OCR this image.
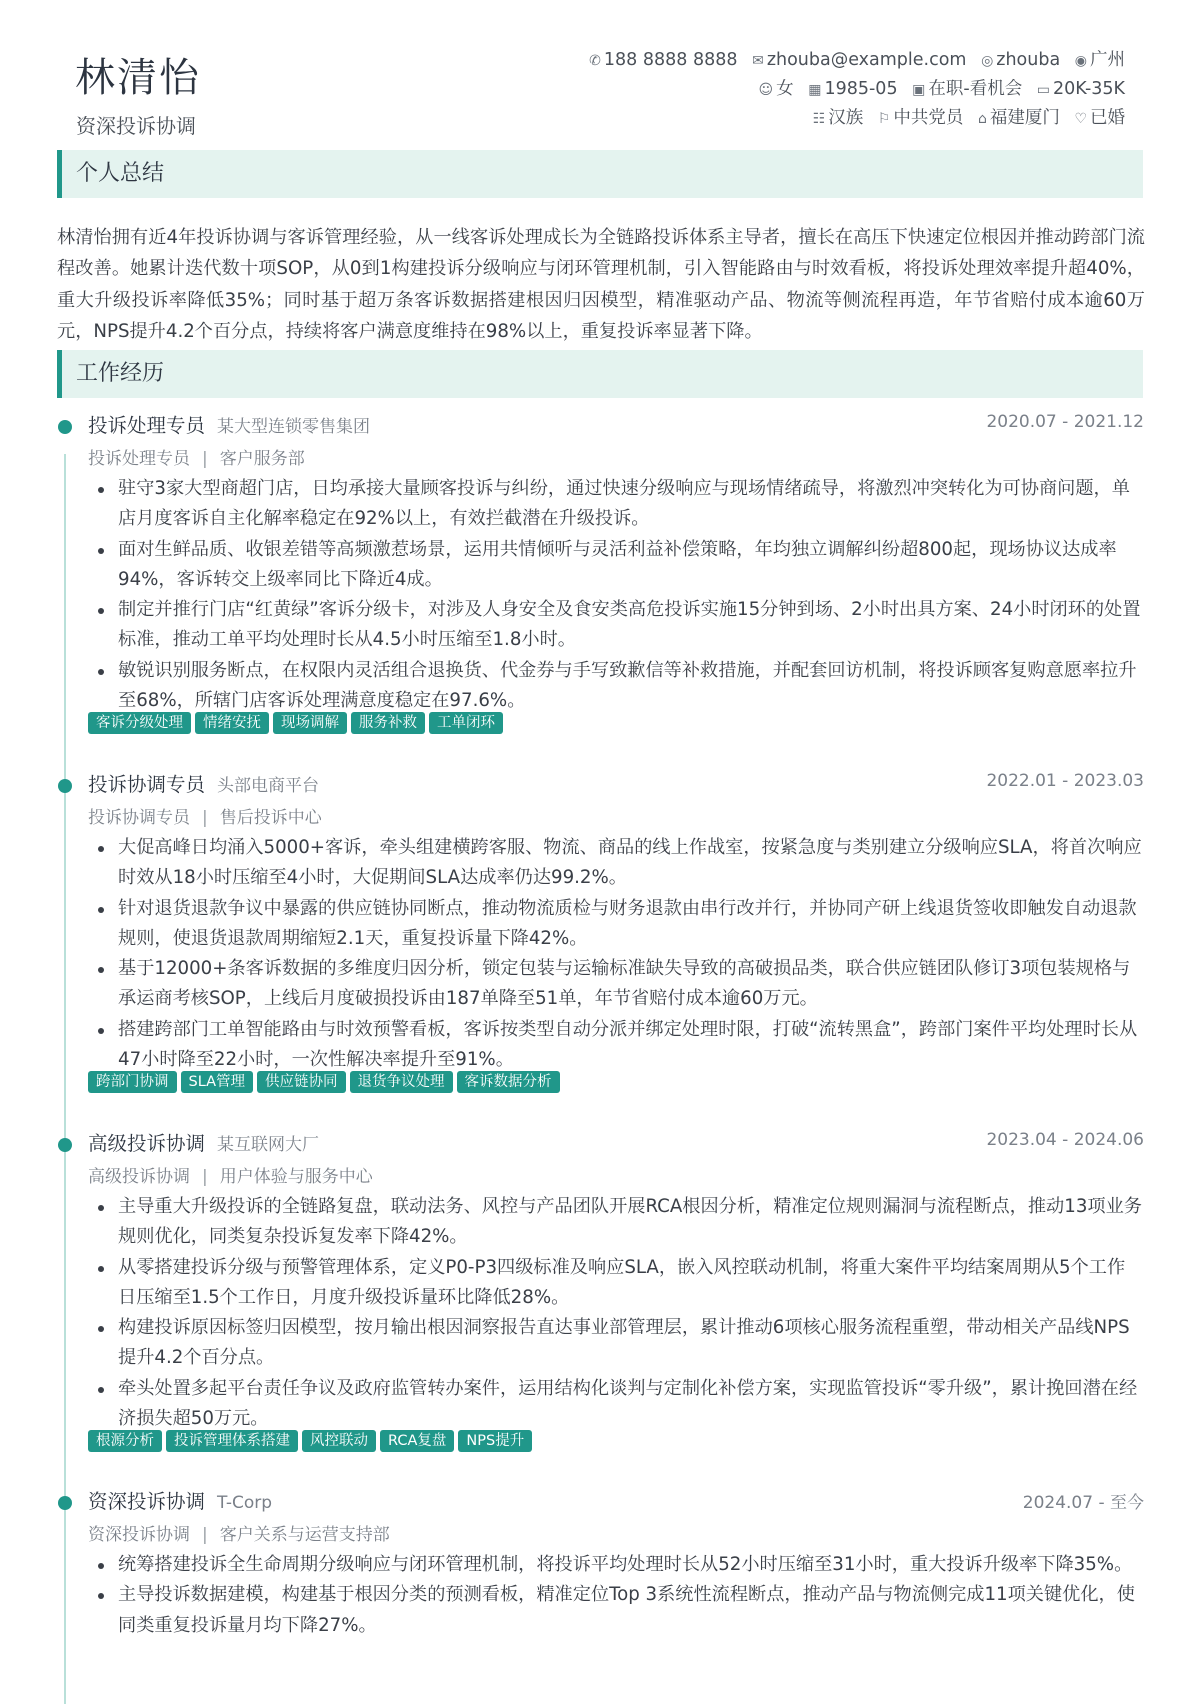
林清怡
资深投诉协调
✆ 188 8888 8888 ✉ zhouba@example.com ◎ zhouba ◉ 广州
☺ 女 ▦ 1985-05 ▣ 在职-看机会 ▭ 20K-35K
☷ 汉族 ⚐ 中共党员 ⌂ 福建厦门 ♡ 已婚
个人总结
林清怡拥有近4年投诉协调与客诉管理经验，从一线客诉处理成长为全链路投诉体系主导者，擅长在高压下快速定位根因并推动跨部门流程改善。她累计迭代数十项SOP，从0到1构建投诉分级响应与闭环管理机制，引入智能路由与时效看板，将投诉处理效率提升超40%，重大升级投诉率降低35%；同时基于超万条客诉数据搭建根因归因模型，精准驱动产品、物流等侧流程再造，年节省赔付成本逾60万元，NPS提升4.2个百分点，持续将客户满意度维持在98%以上，重复投诉率显著下降。
工作经历
投诉处理专员 某大型连锁零售集团	2020.07 - 2021.12
投诉处理专员 | 客户服务部
驻守3家大型商超门店，日均承接大量顾客投诉与纠纷，通过快速分级响应与现场情绪疏导，将激烈冲突转化为可协商问题，单店月度客诉自主化解率稳定在92%以上，有效拦截潜在升级投诉。
面对生鲜品质、收银差错等高频激惹场景，运用共情倾听与灵活利益补偿策略，年均独立调解纠纷超800起，现场协议达成率94%，客诉转交上级率同比下降近4成。
制定并推行门店“红黄绿”客诉分级卡，对涉及人身安全及食安类高危投诉实施15分钟到场、2小时出具方案、24小时闭环的处置标准，推动工单平均处理时长从4.5小时压缩至1.8小时。
敏锐识别服务断点，在权限内灵活组合退换货、代金券与手写致歉信等补救措施，并配套回访机制，将投诉顾客复购意愿率拉升至68%，所辖门店客诉处理满意度稳定在97.6%。
客诉分级处理 情绪安抚 现场调解 服务补救 工单闭环
投诉协调专员 头部电商平台	2022.01 - 2023.03
投诉协调专员 | 售后投诉中心
大促高峰日均涌入5000+客诉，牵头组建横跨客服、物流、商品的线上作战室，按紧急度与类别建立分级响应SLA，将首次响应时效从18小时压缩至4小时，大促期间SLA达成率仍达99.2%。
针对退货退款争议中暴露的供应链协同断点，推动物流质检与财务退款由串行改并行，并协同产研上线退货签收即触发自动退款规则，使退货退款周期缩短2.1天，重复投诉量下降42%。
基于12000+条客诉数据的多维度归因分析，锁定包装与运输标准缺失导致的高破损品类，联合供应链团队修订3项包装规格与承运商考核SOP，上线后月度破损投诉由187单降至51单，年节省赔付成本逾60万元。
搭建跨部门工单智能路由与时效预警看板，客诉按类型自动分派并绑定处理时限，打破“流转黑盒”，跨部门案件平均处理时长从47小时降至22小时，一次性解决率提升至91%。
跨部门协调 SLA管理 供应链协同 退货争议处理 客诉数据分析
高级投诉协调 某互联网大厂	2023.04 - 2024.06
高级投诉协调 | 用户体验与服务中心
主导重大升级投诉的全链路复盘，联动法务、风控与产品团队开展RCA根因分析，精准定位规则漏洞与流程断点，推动13项业务规则优化，同类复杂投诉复发率下降42%。
从零搭建投诉分级与预警管理体系，定义P0-P3四级标准及响应SLA，嵌入风控联动机制，将重大案件平均结案周期从5个工作日压缩至1.5个工作日，月度升级投诉量环比降低28%。
构建投诉原因标签归因模型，按月输出根因洞察报告直达事业部管理层，累计推动6项核心服务流程重塑，带动相关产品线NPS提升4.2个百分点。
牵头处置多起平台责任争议及政府监管转办案件，运用结构化谈判与定制化补偿方案，实现监管投诉“零升级”，累计挽回潜在经济损失超50万元。
根源分析 投诉管理体系搭建 风控联动 RCA复盘 NPS提升
资深投诉协调 T-Corp	2024.07 - 至今
资深投诉协调 | 客户关系与运营支持部
统筹搭建投诉全生命周期分级响应与闭环管理机制，将投诉平均处理时长从52小时压缩至31小时，重大投诉升级率下降35%。
主导投诉数据建模，构建基于根因分类的预测看板，精准定位Top 3系统性流程断点，推动产品与物流侧完成11项关键优化，使同类重复投诉量月均下降27%。
